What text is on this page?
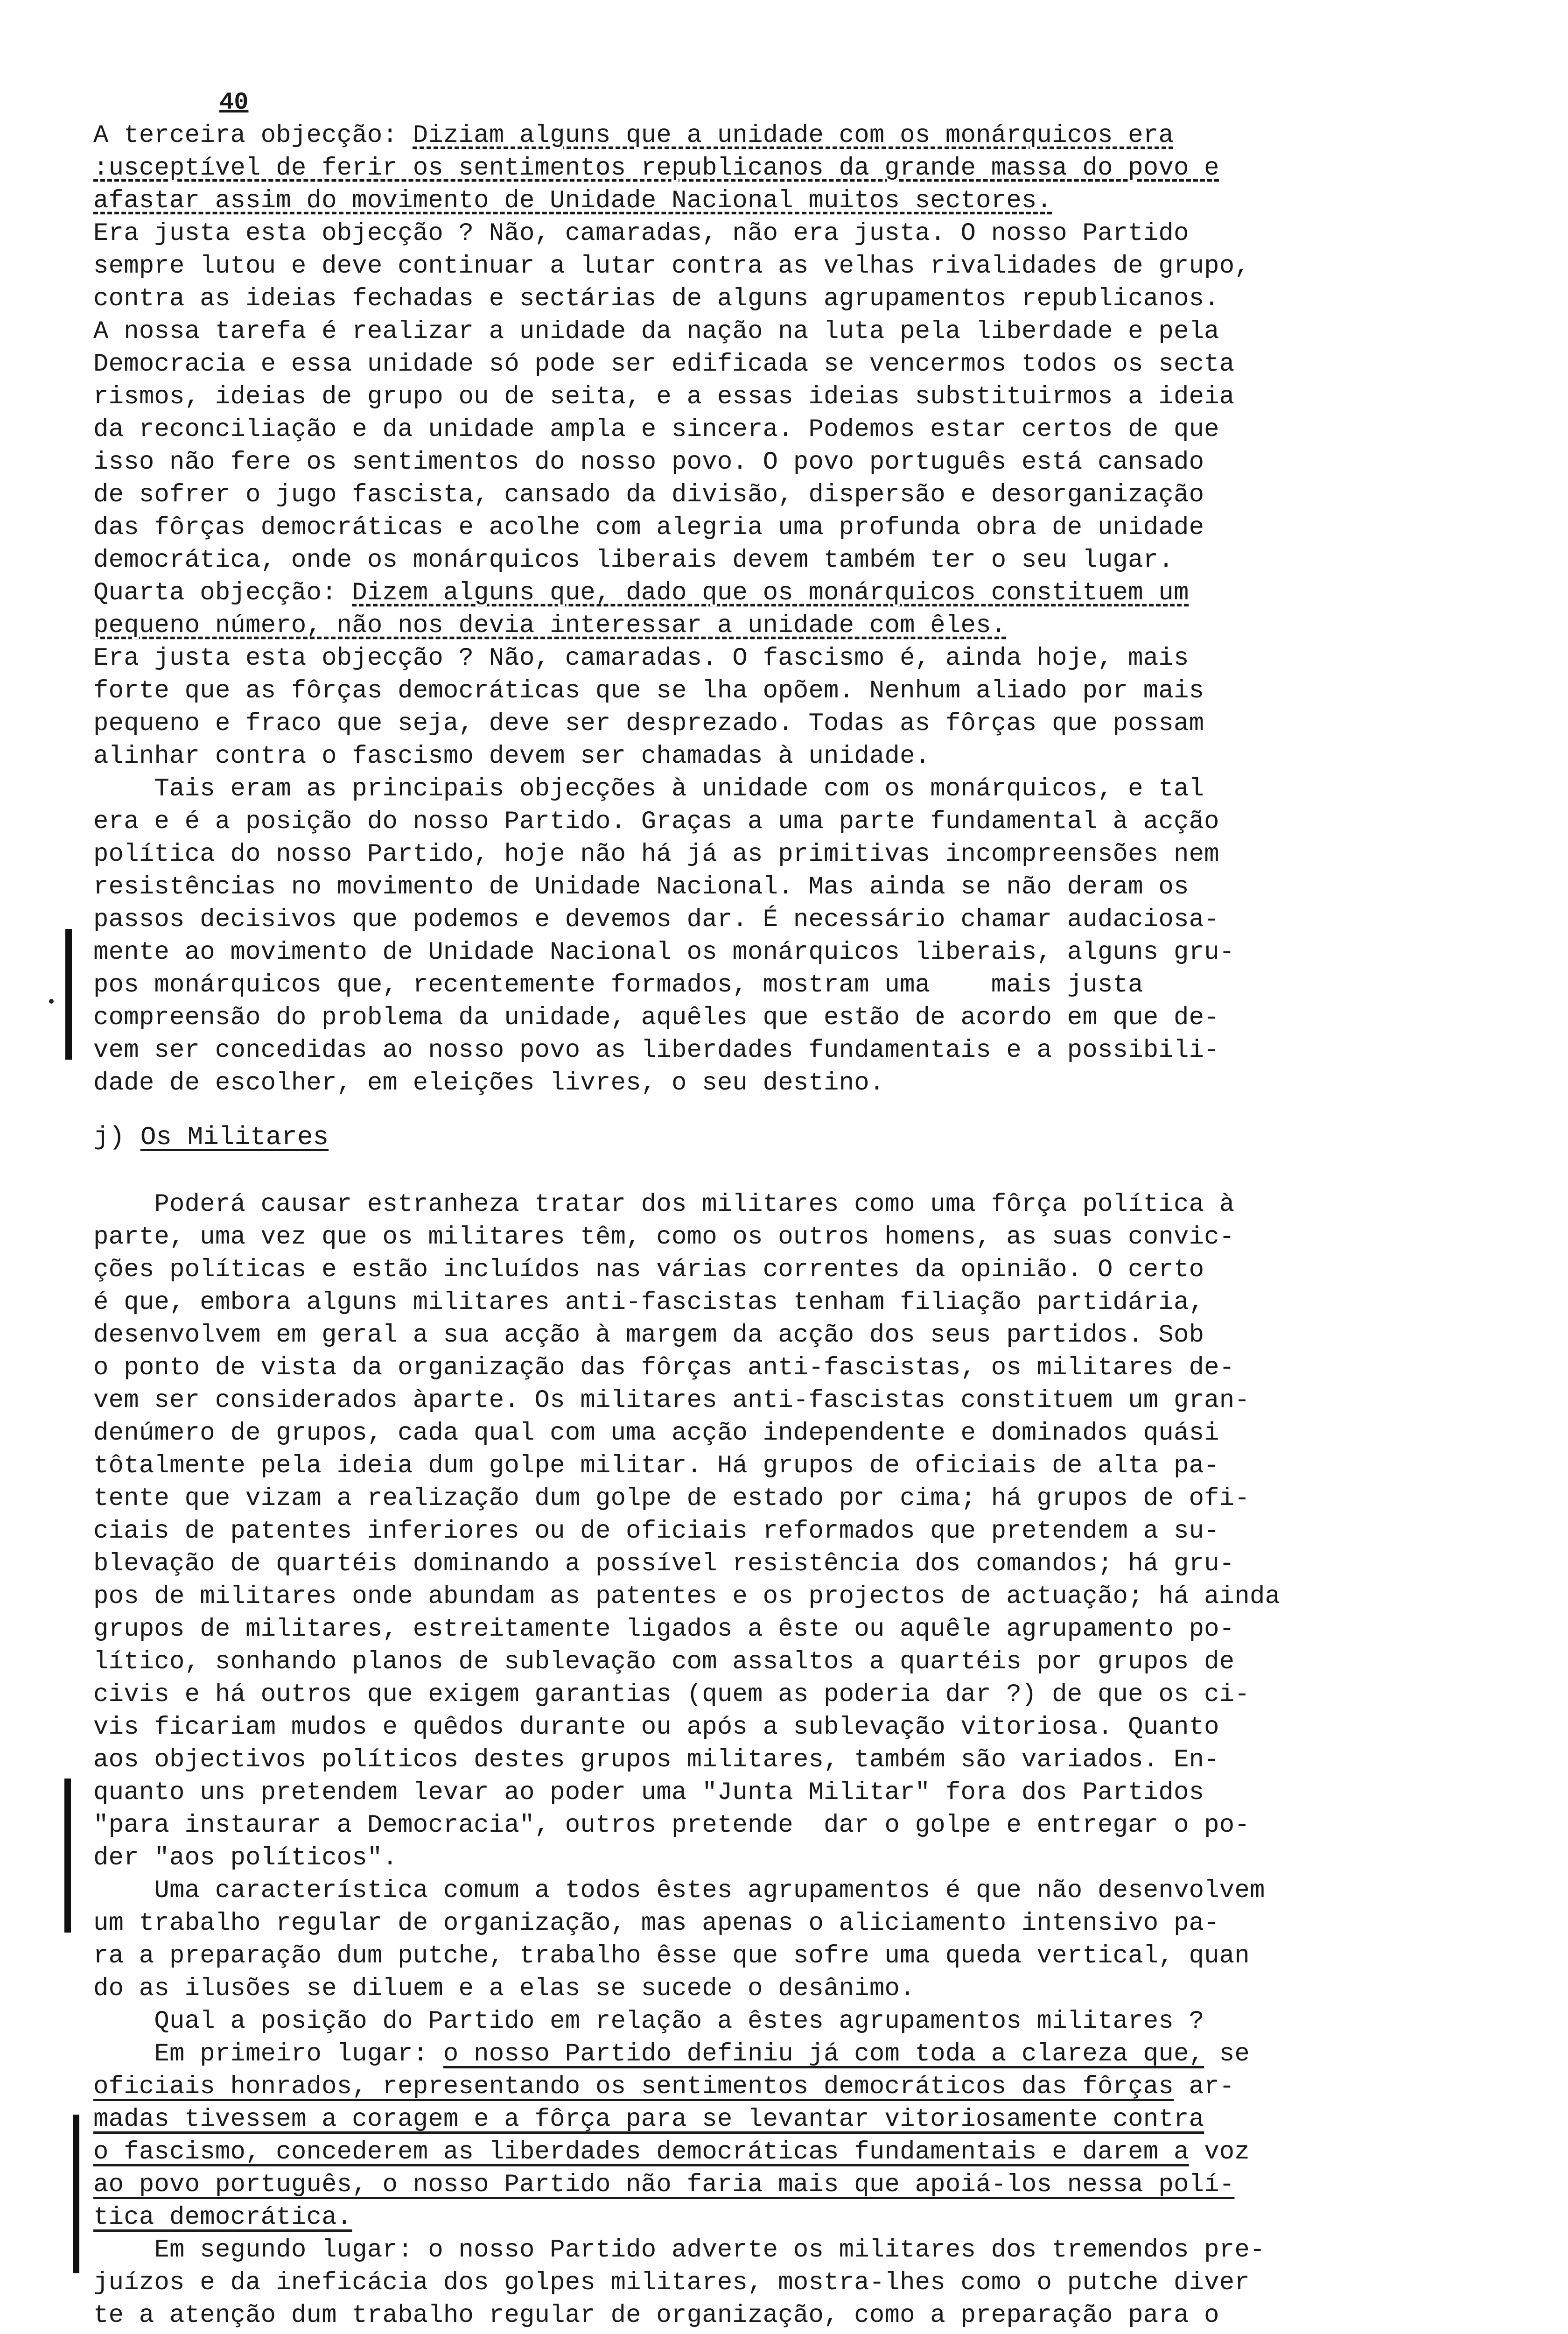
40
A terceira objecção: Diziam alguns que a unidade com os monárquicos era
:usceptível de ferir os sentimentos republicanos da grande massa do povo e
afastar assim do movimento de Unidade Nacional muitos sectores.
Era justa esta objecção ? Não, camaradas, não era justa. O nosso Partido
sempre lutou e deve continuar a lutar contra as velhas rivalidades de grupo,
contra as ideias fechadas e sectárias de alguns agrupamentos republicanos.
A nossa tarefa é realizar a unidade da nação na luta pela liberdade e pela
Democracia e essa unidade só pode ser edificada se vencermos todos os secta
rismos, ideias de grupo ou de seita, e a essas ideias substituirmos a ideia
da reconciliação e da unidade ampla e sincera. Podemos estar certos de que
isso não fere os sentimentos do nosso povo. O povo português está cansado
de sofrer o jugo fascista, cansado da divisão, dispersão e desorganização
das fôrças democráticas e acolhe com alegria uma profunda obra de unidade
democrática, onde os monárquicos liberais devem também ter o seu lugar.
Quarta objecção: Dizem alguns que, dado que os monárquicos constituem um
pequeno número, não nos devia interessar a unidade com êles.
Era justa esta objecção ? Não, camaradas. O fascismo é, ainda hoje, mais
forte que as fôrças democráticas que se lha opõem. Nenhum aliado por mais
pequeno e fraco que seja, deve ser desprezado. Todas as fôrças que possam
alinhar contra o fascismo devem ser chamadas à unidade.
Tais eram as principais objecções à unidade com os monárquicos, e tal
era e é a posição do nosso Partido. Graças a uma parte fundamental à acção
política do nosso Partido, hoje não há já as primitivas incompreensões nem
resistências no movimento de Unidade Nacional. Mas ainda se não deram os
passos decisivos que podemos e devemos dar. É necessário chamar audaciosa-
mente ao movimento de Unidade Nacional os monárquicos liberais, alguns gru-
pos monárquicos que, recentemente formados, mostram uma    mais justa
compreensão do problema da unidade, aquêles que estão de acordo em que de-
vem ser concedidas ao nosso povo as liberdades fundamentais e a possibili-
dade de escolher, em eleições livres, o seu destino.
j) Os Militares
Poderá causar estranheza tratar dos militares como uma fôrça política à
parte, uma vez que os militares têm, como os outros homens, as suas convic-
ções políticas e estão incluídos nas várias correntes da opinião. O certo
é que, embora alguns militares anti-fascistas tenham filiação partidária,
desenvolvem em geral a sua acção à margem da acção dos seus partidos. Sob
o ponto de vista da organização das fôrças anti-fascistas, os militares de-
vem ser considerados àparte. Os militares anti-fascistas constituem um gran-
denúmero de grupos, cada qual com uma acção independente e dominados quási
tôtalmente pela ideia dum golpe militar. Há grupos de oficiais de alta pa-
tente que vizam a realização dum golpe de estado por cima; há grupos de ofi-
ciais de patentes inferiores ou de oficiais reformados que pretendem a su-
blevação de quartéis dominando a possível resistência dos comandos; há gru-
pos de militares onde abundam as patentes e os projectos de actuação; há ainda
grupos de militares, estreitamente ligados a êste ou aquêle agrupamento po-
lítico, sonhando planos de sublevação com assaltos a quartéis por grupos de
civis e há outros que exigem garantias (quem as poderia dar ?) de que os ci-
vis ficariam mudos e quêdos durante ou após a sublevação vitoriosa. Quanto
aos objectivos políticos destes grupos militares, também são variados. En-
quanto uns pretendem levar ao poder uma "Junta Militar" fora dos Partidos
"para instaurar a Democracia", outros pretende  dar o golpe e entregar o po-
der "aos políticos".
Uma característica comum a todos êstes agrupamentos é que não desenvolvem
um trabalho regular de organização, mas apenas o aliciamento intensivo pa-
ra a preparação dum putche, trabalho êsse que sofre uma queda vertical, quan
do as ilusões se diluem e a elas se sucede o desânimo.
Qual a posição do Partido em relação a êstes agrupamentos militares ?
Em primeiro lugar: o nosso Partido definiu já com toda a clareza que, se
oficiais honrados, representando os sentimentos democráticos das fôrças ar-
madas tivessem a coragem e a fôrça para se levantar vitoriosamente contra
o fascismo, concederem as liberdades democráticas fundamentais e darem a voz
ao povo português, o nosso Partido não faria mais que apoiá-los nessa polí-
tica democrática.
Em segundo lugar: o nosso Partido adverte os militares dos tremendos pre-
juízos e da ineficácia dos golpes militares, mostra-lhes como o putche diver
te a atenção dum trabalho regular de organização, como a preparação para o
